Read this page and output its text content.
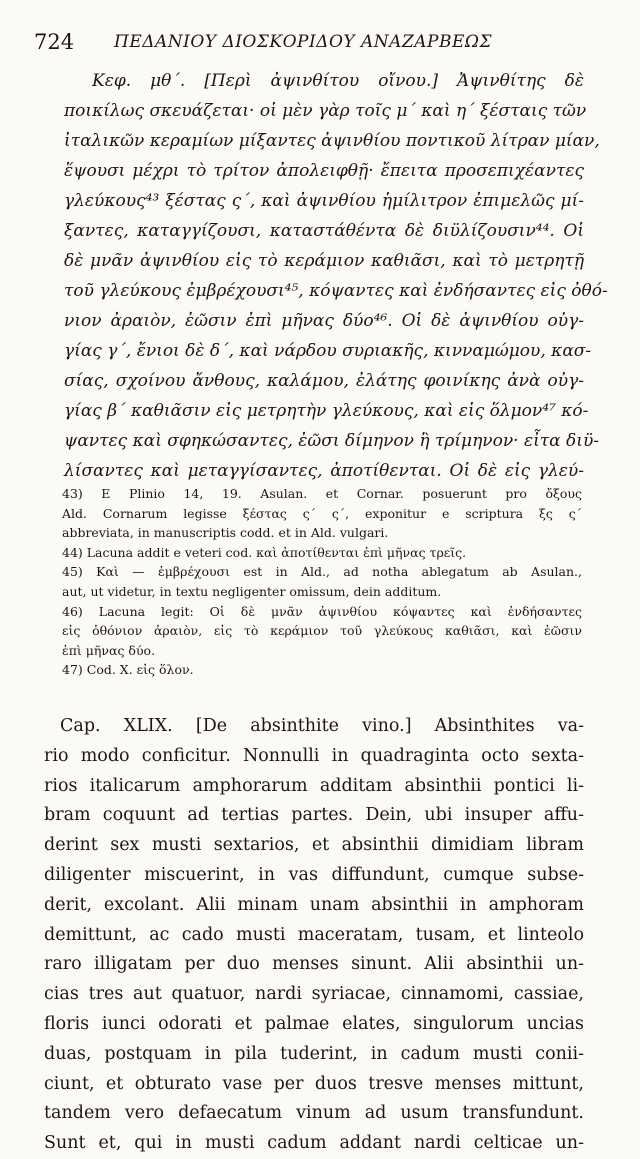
724 ΠΕΔΑΝΙΟΥ ΔΙΟΣΚΟΡΙΔΟΥ ΑΝΑΖΑΡΒΕΩΣ
Κεφ. μθ΄. [Περὶ ἀψινθίτου οἴνου.] Ἀψινθίτης δὲ
ποικίλως σκευάζεται· οἱ μὲν γὰρ τοῖς μ΄ καὶ η΄ ξέσταις τῶν
ἰταλικῶν κεραμίων μίξαντες ἀψινθίου ποντικοῦ λίτραν μίαν,
ἕψουσι μέχρι τὸ τρίτον ἀπολειφθῇ· ἔπειτα προσεπιχέαντες
γλεύκους⁴³ ξέστας ς΄, καὶ ἀψινθίου ἡμίλιτρον ἐπιμελῶς μί-
ξαντες, καταγγίζουσι, καταστάθέντα δὲ διϋλίζουσιν⁴⁴. Οἱ
δὲ μνᾶν ἀψινθίου εἰς τὸ κεράμιον καθιᾶσι, καὶ τὸ μετρητῇ
τοῦ γλεύκους ἐμβρέχουσι⁴⁵, κόψαντες καὶ ἐνδήσαντες εἰς ὀθό-
νιον ἀραιὸν, ἐῶσιν ἐπὶ μῆνας δύο⁴⁶. Οἱ δὲ ἀψινθίου οὐγ-
γίας γ΄, ἔνιοι δὲ δ΄, καὶ νάρδου συριακῆς, κινναμώμου, κασ-
σίας, σχοίνου ἄνθους, καλάμου, ἐλάτης φοινίκης ἀνὰ οὐγ-
γίας β΄ καθιᾶσιν εἰς μετρητὴν γλεύκους, καὶ εἰς ὅλμον⁴⁷ κό-
ψαντες καὶ σφηκώσαντες, ἐῶσι δίμηνον ἢ τρίμηνον· εἶτα διϋ-
λίσαντες καὶ μεταγγίσαντες, ἀποτίθενται. Οἱ δὲ εἰς γλεύ-
43) E Plinio 14, 19. Asulan. et Cornar. posuerunt pro ὄξους
Ald. Cornarum legisse ξέστας ς΄ ς΄, exponitur e scriptura ξς ς΄
abbreviata, in manuscriptis codd. et in Ald. vulgari.
44) Lacuna addit e veteri cod. καὶ ἀποτίθενται ἐπὶ μῆνας τρεῖς.
45) Καὶ — ἐμβρέχουσι est in Ald., ad notha ablegatum ab Asulan.,
aut, ut videtur, in textu negligenter omissum, dein additum.
46) Lacuna legit: Οἱ δὲ μνᾶν ἀψινθίου κόψαντες καὶ ἐνδήσαντες
εἰς ὀθόνιον ἀραιὸν, εἰς τὸ κεράμιον τοῦ γλεύκους καθιᾶσι, καὶ ἐῶσιν
ἐπὶ μῆνας δύο.
47) Cod. X. εἰς ὅλον.
Cap. XLIX. [De absinthite vino.] Absinthites va-
rio modo conficitur. Nonnulli in quadraginta octo sexta-
rios italicarum amphorarum additam absinthii pontici li-
bram coquunt ad tertias partes. Dein, ubi insuper affu-
derint sex musti sextarios, et absinthii dimidiam libram
diligenter miscuerint, in vas diffundunt, cumque subse-
derit, excolant. Alii minam unam absinthii in amphoram
demittunt, ac cado musti maceratam, tusam, et linteolo
raro illigatam per duo menses sinunt. Alii absinthii un-
cias tres aut quatuor, nardi syriacae, cinnamomi, cassiae,
floris iunci odorati et palmae elates, singulorum uncias
duas, postquam in pila tuderint, in cadum musti conii-
ciunt, et obturato vase per duos tresve menses mittunt,
tandem vero defaecatum vinum ad usum transfundunt.
Sunt et, qui in musti cadum addant nardi celticae un-
